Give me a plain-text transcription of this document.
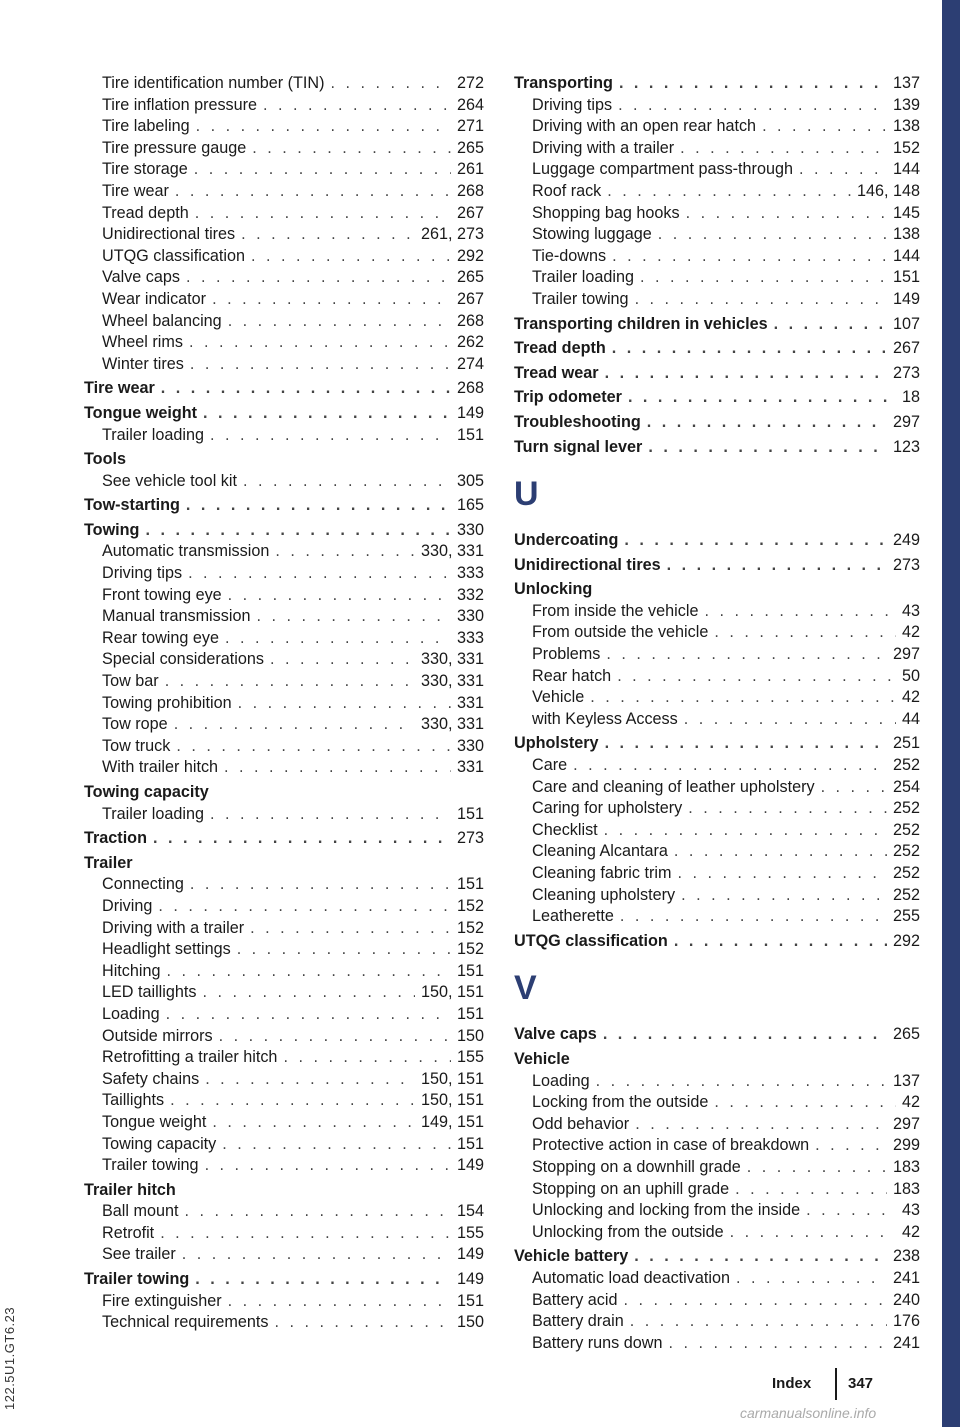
122.5U1.GT6.23
Tire identification number (TIN) . . .	272
Tire inflation pressure . . .	264
Tire labeling . . .	271
Tire pressure gauge . . .	265
Tire storage . . .	261
Tire wear . . .	268
Tread depth . . .	267
Unidirectional tires . . .	261, 273
UTQG classification . . .	292
Valve caps . . .	265
Wear indicator . . .	267
Wheel balancing . . .	268
Wheel rims . . .	262
Winter tires . . .	274
Tire wear . . .	268
Tongue weight . . .	149
Trailer loading . . .	151
Tools
See vehicle tool kit . . .	305
Tow-starting . . .	165
Towing . . .	330
Automatic transmission . . .	330, 331
Driving tips . . .	333
Front towing eye . . .	332
Manual transmission . . .	330
Rear towing eye . . .	333
Special considerations . . .	330, 331
Tow bar . . .	330, 331
Towing prohibition . . .	331
Tow rope . . .	330, 331
Tow truck . . .	330
With trailer hitch . . .	331
Towing capacity
Trailer loading . . .	151
Traction . . .	273
Trailer
Connecting . . .	151
Driving . . .	152
Driving with a trailer . . .	152
Headlight settings . . .	152
Hitching . . .	151
LED taillights . . .	150, 151
Loading . . .	151
Outside mirrors . . .	150
Retrofitting a trailer hitch . . .	155
Safety chains . . .	150, 151
Taillights . . .	150, 151
Tongue weight . . .	149, 151
Towing capacity . . .	151
Trailer towing . . .	149
Trailer hitch
Ball mount . . .	154
Retrofit . . .	155
See trailer . . .	149
Trailer towing . . .	149
Fire extinguisher . . .	151
Technical requirements . . .	150
Transporting . . .	137
Driving tips . . .	139
Driving with an open rear hatch . . .	138
Driving with a trailer . . .	152
Luggage compartment pass-through . . .	144
Roof rack . . .	146, 148
Shopping bag hooks . . .	145
Stowing luggage . . .	138
Tie-downs . . .	144
Trailer loading . . .	151
Trailer towing . . .	149
Transporting children in vehicles . . .	107
Tread depth . . .	267
Tread wear . . .	273
Trip odometer . . .	18
Troubleshooting . . .	297
Turn signal lever . . .	123
U
Undercoating . . .	249
Unidirectional tires . . .	273
Unlocking
From inside the vehicle . . .	43
From outside the vehicle . . .	42
Problems . . .	297
Rear hatch . . .	50
Vehicle . . .	42
with Keyless Access . . .	44
Upholstery . . .	251
Care . . .	252
Care and cleaning of leather upholstery . . .	254
Caring for upholstery . . .	252
Checklist . . .	252
Cleaning Alcantara . . .	252
Cleaning fabric trim . . .	252
Cleaning upholstery . . .	252
Leatherette . . .	255
UTQG classification . . .	292
V
Valve caps . . .	265
Vehicle
Loading . . .	137
Locking from the outside . . .	42
Odd behavior . . .	297
Protective action in case of breakdown . . .	299
Stopping on a downhill grade . . .	183
Stopping on an uphill grade . . .	183
Unlocking and locking from the inside . . .	43
Unlocking from the outside . . .	42
Vehicle battery . . .	238
Automatic load deactivation . . .	241
Battery acid . . .	240
Battery drain . . .	176
Battery runs down . . .	241
Index 347
carmanualsonline.info
